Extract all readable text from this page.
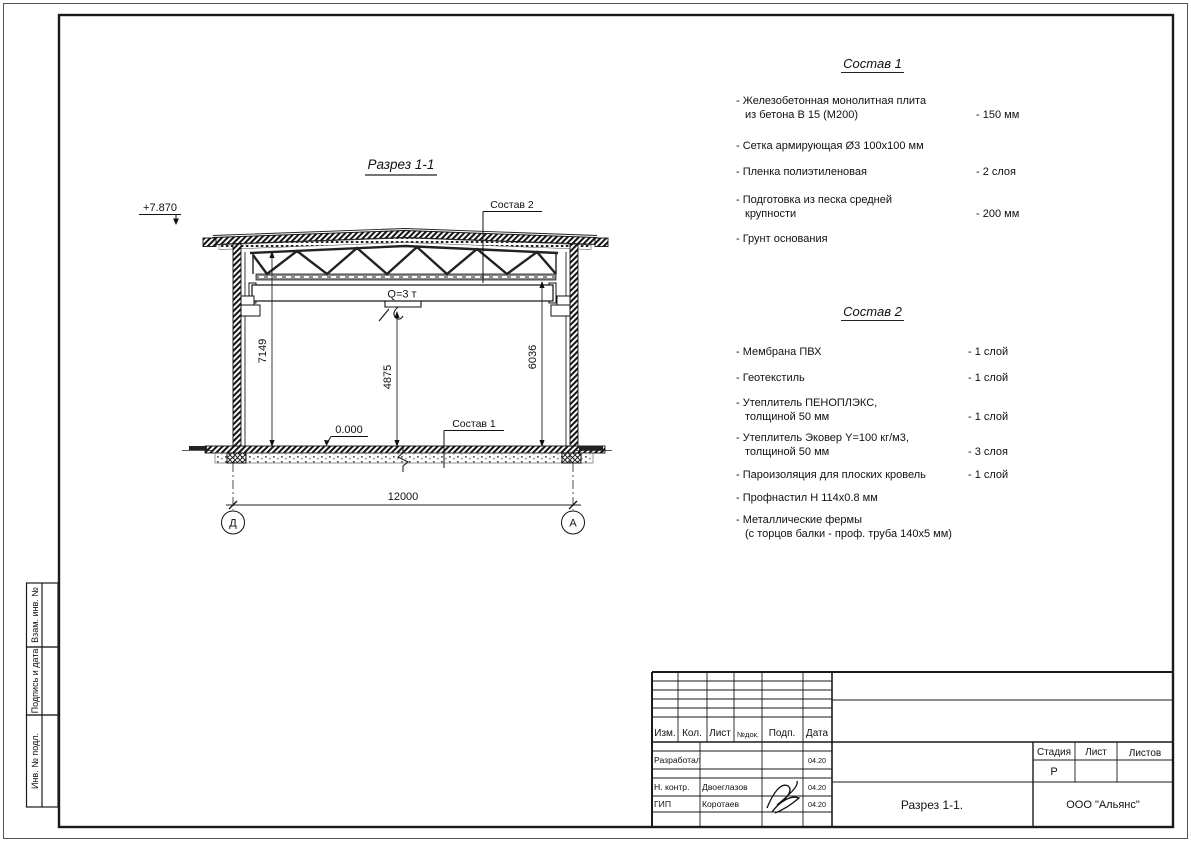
Взам. инв. №
Подпись и дата
Инв. № подл.
Разрез 1-1
Q=3 т
+7.870
0.000
Состав 2
Состав 1
7149
4875
6036
12000
Д	А
Изм. Кол. Лист №док. Подп. Дата
Разработал	04.20
Н. контр. Двоеглазов	04.20
ГИП	Коротаев	04.20
Стадия Лист Листов
Р
Разрез 1-1.	ООО "Альянс"
Состав 1
- Железобетонная монолитная плита
из бетона В 15 (М200)	- 150 мм
- Сетка армирующая Ø3 100х100 мм
- Пленка полиэтиленовая	- 2 слоя
- Подготовка из песка средней
крупности	- 200 мм
- Грунт основания
Состав 2
- Мембрана ПВХ	- 1 слой
- Геотекстиль	- 1 слой
- Утеплитель ПЕНОПЛЭКС,
толщиной 50 мм	- 1 слой
- Утеплитель Эковер Y=100 кг/м3,
толщиной 50 мм	- 3 слоя
- Пароизоляция для плоских кровель	- 1 слой
- Профнастил Н 114х0.8 мм
- Металлические фермы
(с торцов балки - проф. труба 140х5 мм)
